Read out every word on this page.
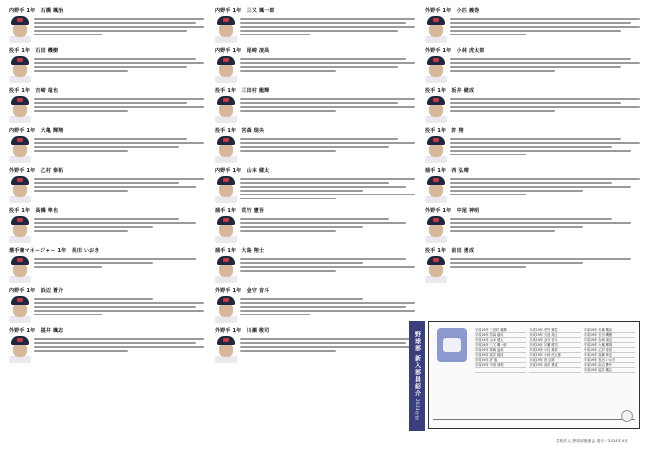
内野手 1年　石橋 颯治
投手 1年　石田 機樹
投手 1年　吉崎 竜也
内野手 1年　大亀 輝翔
外野手 1年　乙村 泰拓
投手 1年　高橋 隼也
選手兼マネージャー 1年　長田 いおき
内野手 1年　浜辺 蒼介
外野手 1年　福井 颯志
内野手 1年　三又 颯一郎
内野手 1年　尾崎 凌高
投手 1年　三田村 龍輝
投手 1年　宮森 瑞央
内野手 1年　山本 健太
捕手 1年　荒竹 憲吾
捕手 1年　大島 翔士
外野手 1年　金守 音斗
外野手 1年　川瀬 敬司
外野手 1年　小匹 義巻
外野手 1年　小林 虎太郎
投手 1年　坂井 健成
投手 1年　許 翔
捕手 1年　西 弘晴
外野手 1年　中尾 神明
投手 1年　前田 勇成
野球部 新入部員紹介
2024年度
平成19年 三田村 龍輝	平成19年 荒竹 憲吾	平成19年 石橋 颯治
平成19年 宮森 瑞央	平成19年 大島 翔士	平成19年 石田 機樹
平成19年 山本 健太	平成19年 金守 音斗	平成19年 吉崎 竜也
平成19年 三又 颯一郎	平成19年 川瀬 敬司	平成19年 大亀 輝翔
平成19年 尾崎 凌高	平成19年 小匹 義巻	平成19年 乙村 泰拓
平成19年 坂井 健成	平成19年 小林 虎太郎	平成19年 高橋 隼也
平成19年 許 翔	平成19年 西 弘晴	平成19年 長田 いおき
平成19年 中尾 神明	平成19年 前田 勇成	平成19年 浜辺 蒼介
平成19年 福井 颯志
学校法人 野球部後援会 発行／2024年4月
